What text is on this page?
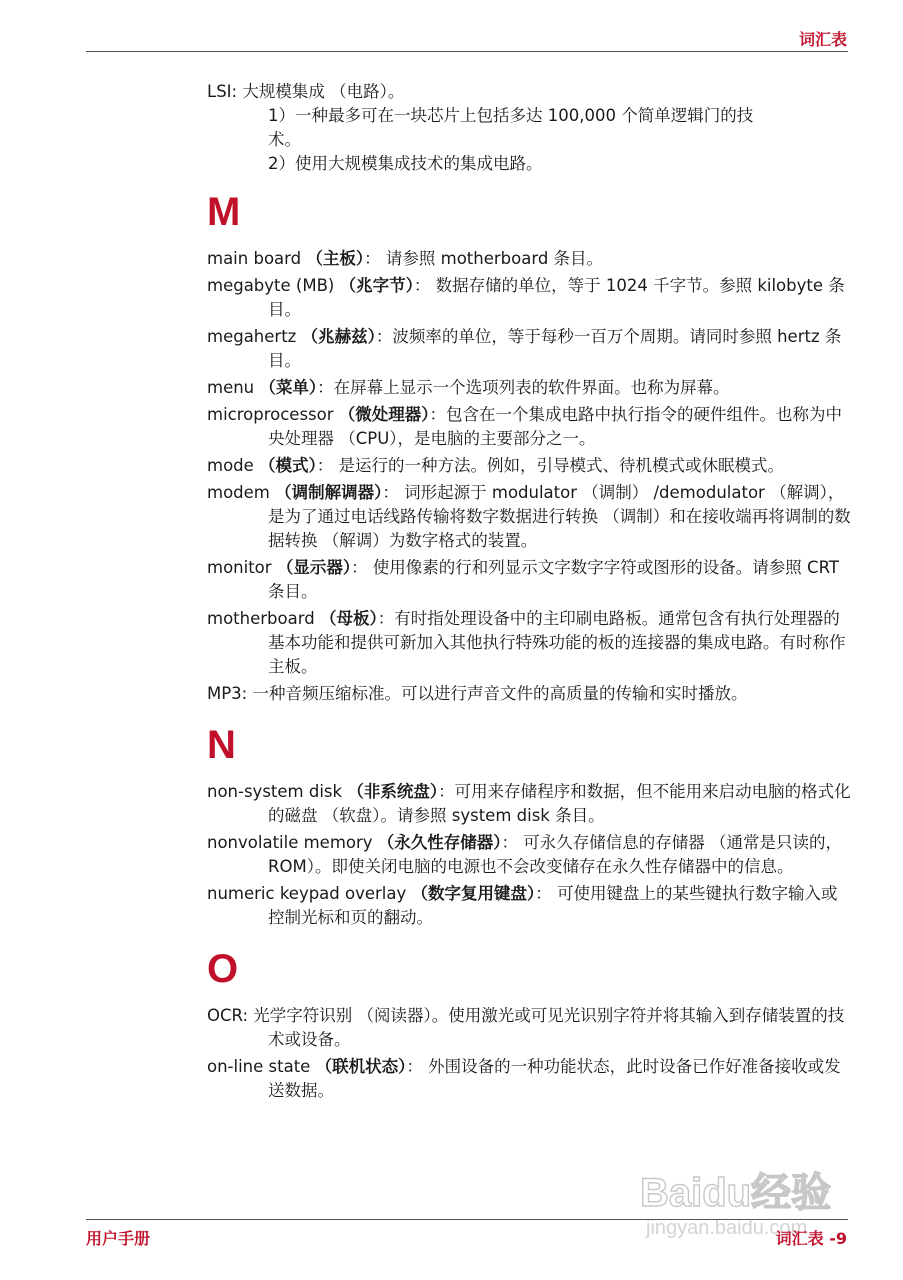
词汇表

LSI: 大规模集成 （电路）。

1）一种最多可在一块芯片上包括多达 100,000 个简单逻辑门的技
术。
2）使用大规模集成技术的集成电路。
M

main board （主板）： 请参照 motherboard 条目。

megabyte (MB) （兆字节）： 数据存储的单位，等于 1024 千字节。参照 kilobyte 条目。

megahertz （兆赫兹）：波频率的单位，等于每秒一百万个周期。请同时参照 hertz 条目。

menu （菜单）：在屏幕上显示一个选项列表的软件界面。也称为屏幕。

microprocessor （微处理器）：包含在一个集成电路中执行指令的硬件组件。也称为中央处理器 （CPU），是电脑的主要部分之一。

mode （模式）： 是运行的一种方法。例如，引导模式、待机模式或休眠模式。

modem （调制解调器）： 词形起源于 modulator （调制） /demodulator （解调），是为了通过电话线路传输将数字数据进行转换 （调制）和在接收端再将调制的数据转换 （解调）为数字格式的装置。

monitor （显示器）： 使用像素的行和列显示文字数字字符或图形的设备。请参照 CRT 条目。

motherboard （母板）：有时指处理设备中的主印刷电路板。通常包含有执行处理器的基本功能和提供可新加入其他执行特殊功能的板的连接器的集成电路。有时称作主板。

MP3: 一种音频压缩标准。可以进行声音文件的高质量的传输和实时播放。

N

non-system disk （非系统盘）：可用来存储程序和数据，但不能用来启动电脑的格式化的磁盘 （软盘）。请参照 system disk 条目。

nonvolatile memory （永久性存储器）： 可永久存储信息的存储器 （通常是只读的， ROM）。即使关闭电脑的电源也不会改变储存在永久性存储器中的信息。

numeric keypad overlay （数字复用键盘）： 可使用键盘上的某些键执行数字输入或控制光标和页的翻动。

O

OCR: 光学字符识别 （阅读器）。使用激光或可见光识别字符并将其输入到存储装置的技术或设备。

on-line state （联机状态）： 外围设备的一种功能状态，此时设备已作好准备接收或发送数据。

Baidu经验
jingyan.baidu.com
用户手册	词汇表 -9
